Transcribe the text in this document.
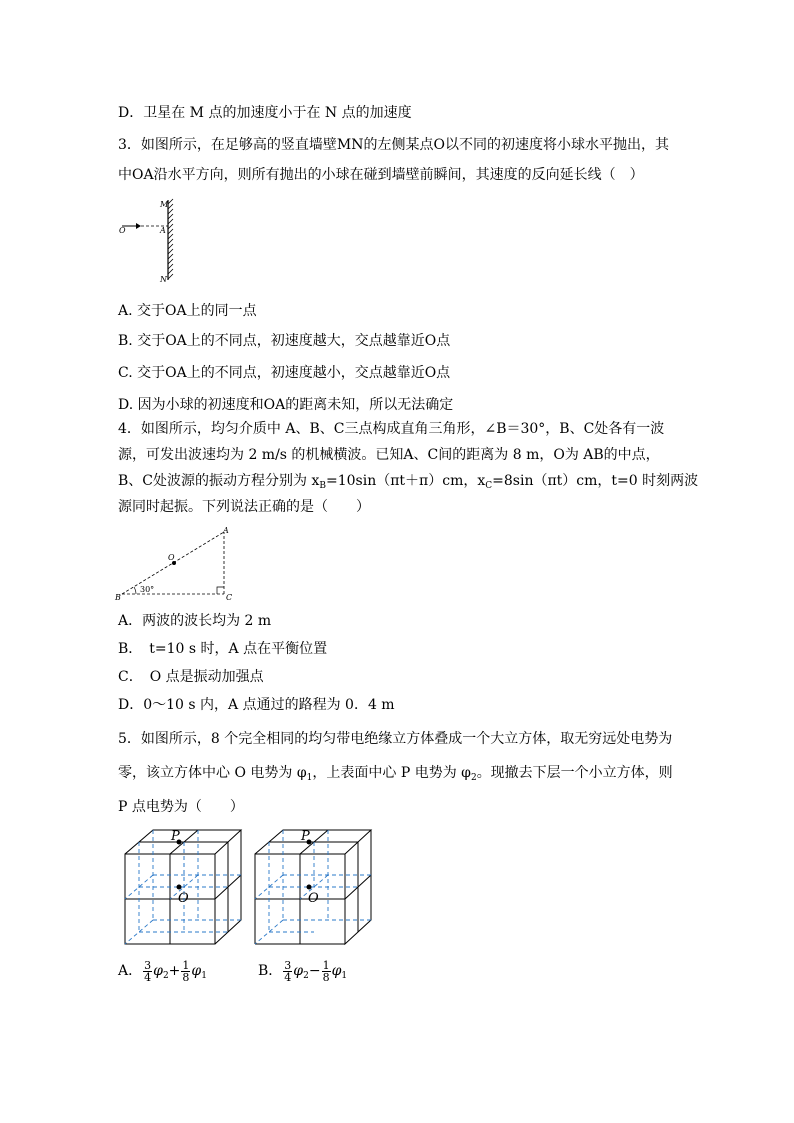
D．卫星在 M 点的加速度小于在 N 点的加速度
3．如图所示，在足够高的竖直墙壁MN的左侧某点O以不同的初速度将小球水平抛出，其
中OA沿水平方向，则所有抛出的小球在碰到墙壁前瞬间，其速度的反向延长线（　）
M
O	A
N
A. 交于OA上的同一点
B. 交于OA上的不同点，初速度越大，交点越靠近O点
C. 交于OA上的不同点，初速度越小，交点越靠近O点
D. 因为小球的初速度和OA的距离未知，所以无法确定
4．如图所示，均匀介质中 A、B、C三点构成直角三角形，∠B＝30°，B、C处各有一波
源，可发出波速均为 2 m/s 的机械横波。已知A、C间的距离为 8 m，O为 AB的中点，
B、C处波源的振动方程分别为 $x_B=10\sin(\pi t+\pi)cm$，$x_C=8\sin(\pi t)cm$，t=0 时刻两波
源同时起振。下列说法正确的是（　　）
A
B	C
O
30°
A．两波的波长均为 2 m
B．　t=10 s 时，A 点在平衡位置
C．　O 点是振动加强点
D．0～10 s 内，A 点通过的路程为 0．4 m
5．如图所示，8 个完全相同的均匀带电绝缘立方体叠成一个大立方体，取无穷远处电势为
零，该立方体中心 O 电势为 $\varphi_1$，上表面中心 P 电势为 $\varphi_2$。现撤去下层一个小立方体，则
P 点电势为（　　）
P
O
P
O
A． $\frac{3}{4} \varphi_2+ \frac{1}{8} \varphi_1$	B． $\frac{3}{4} \varphi_2- \frac{1}{8} \varphi_1$
